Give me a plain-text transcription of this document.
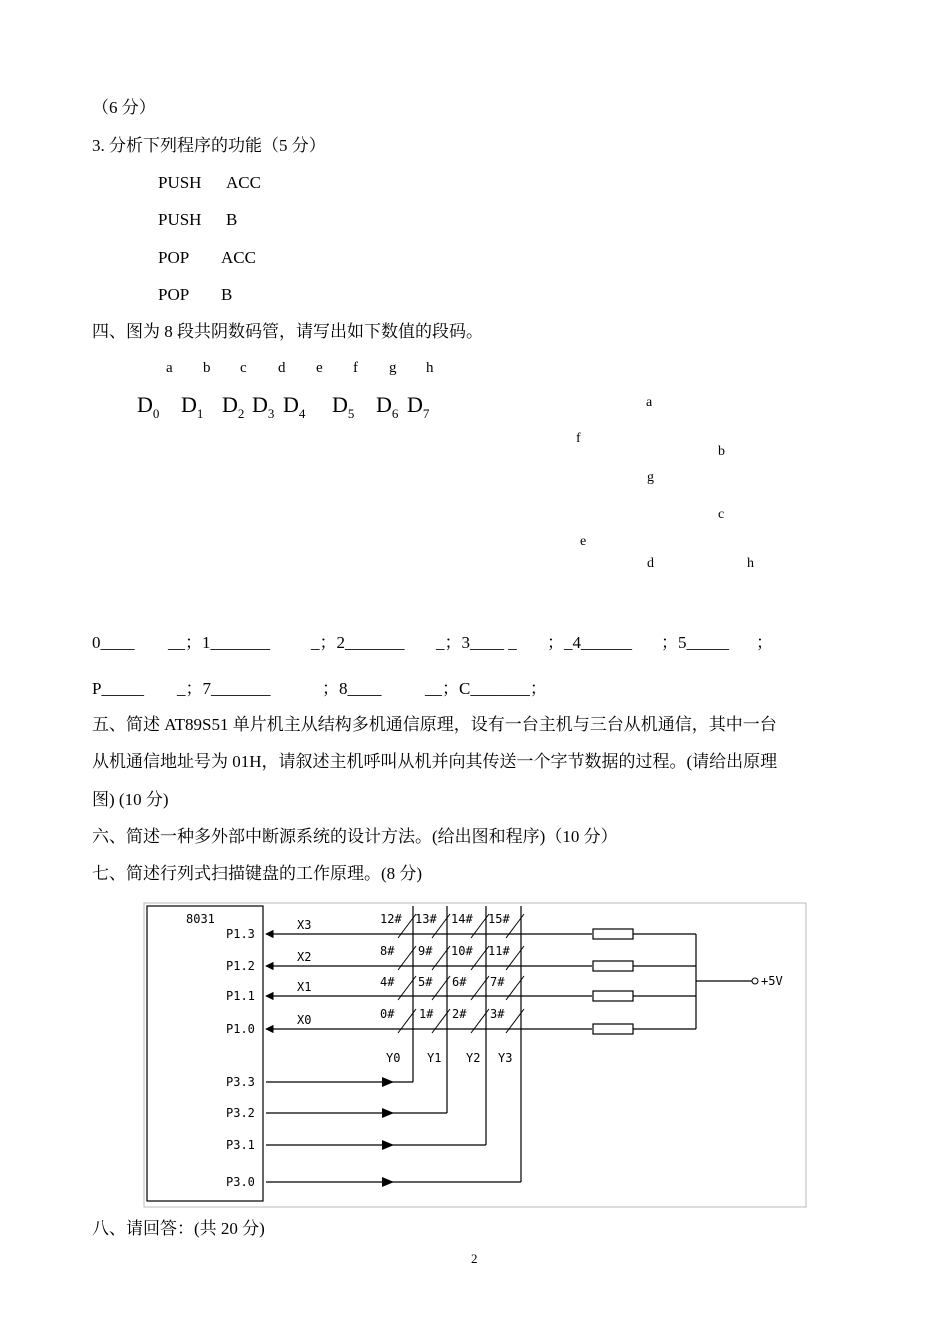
（6 分）
3. 分析下列程序的功能（5 分）
PUSH ACC
PUSH B
POP ACC
POP B
四、图为 8 段共阴数码管，请写出如下数值的段码。
a b c d e f g h
$D_0$ $D_1$ $D_2$ $D_3$ $D_4$ $D_5$ $D_6$ $D_7$
a
f
b
g
c
e
d	h
0____ __；1_______ _；2_______ _；3____ _ ；_4______ ；5_____ ；
P_____ _；7_______	；8____	__；C_______；
五、简述 AT89S51 单片机主从结构多机通信原理，设有一台主机与三台从机通信，其中一台
从机通信地址号为 01H，请叙述主机呼叫从机并向其传送一个字节数据的过程。(请给出原理
图) (10 分)
六、简述一种多外部中断源系统的设计方法。(给出图和程序)（10 分）
七、简述行列式扫描键盘的工作原理。(8 分)
8031
P1.3
P1.2
P1.1
P1.0
X3
X2
X1
X0
+5V
P3.3
P3.2
P3.1
P3.0
Y0 Y1 Y2 Y3
12# 13# 14# 15#
8# 9# 10# 11#
4# 5# 6# 7#
0# 1# 2# 3#
八、请回答：(共 20 分)
2
